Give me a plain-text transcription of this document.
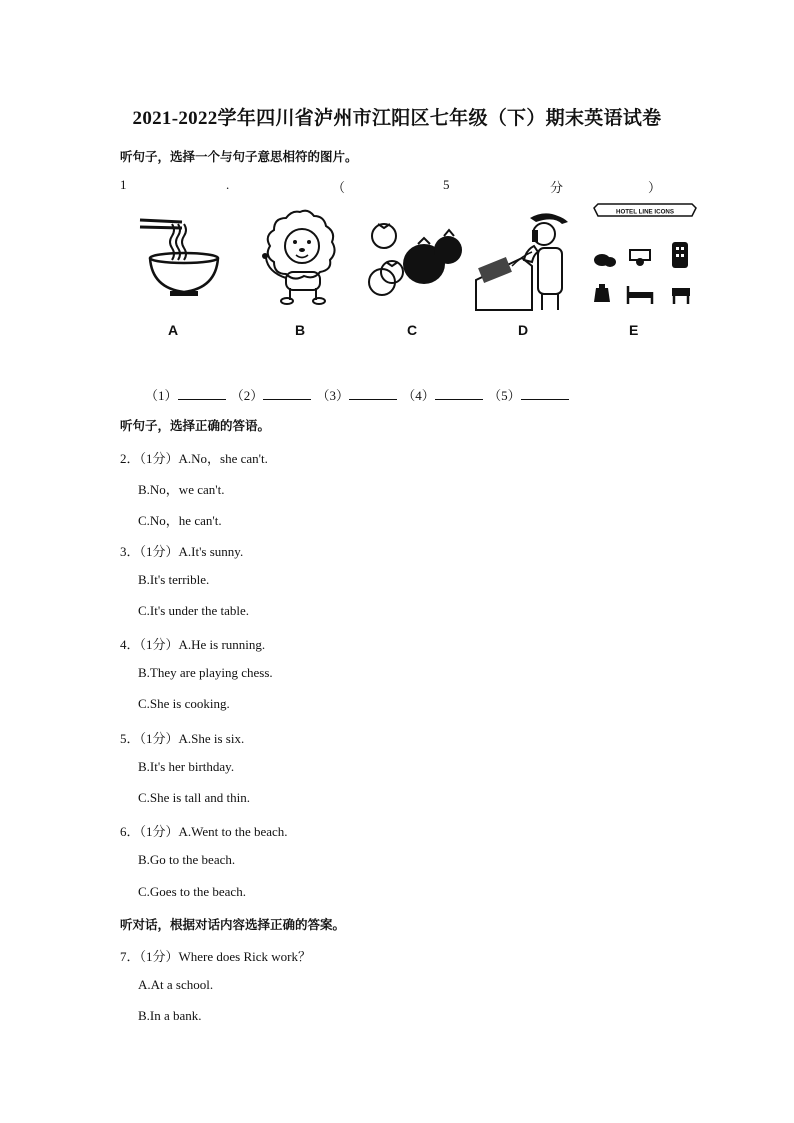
2021-2022学年四川省泸州市江阳区七年级（下）期末英语试卷
听句子，选择一个与句子意思相符的图片。
1	.	（	5	分	）
A	B	C	D
HOTEL LINE ICONS
E
（1）	（2）	（3）	（4）	（5）
听句子，选择正确的答语。
2．（1分）A.No，she can't.
B.No，we can't.
C.No，he can't.
3．（1分）A.It's sunny.
B.It's terrible.
C.It's under the table.
4．（1分）A.He is running.
B.They are playing chess.
C.She is cooking.
5．（1分）A.She is six.
B.It's her birthday.
C.She is tall and thin.
6．（1分）A.Went to the beach.
B.Go to the beach.
C.Goes to the beach.
听对话，根据对话内容选择正确的答案。
7．（1分）Where does Rick work？
A.At a school.
B.In a bank.
